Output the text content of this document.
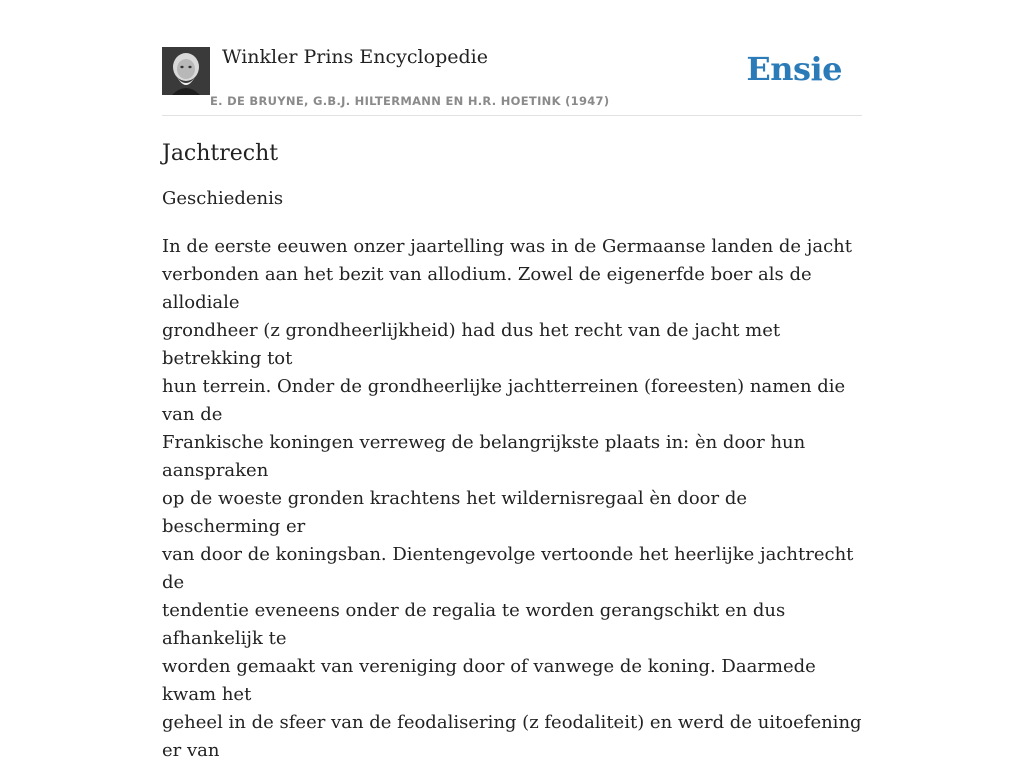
Winkler Prins Encyclopedie
E. DE BRUYNE, G.B.J. HILTERMANN EN H.R. HOETINK (1947)
Ensie
Jachtrecht
Geschiedenis
In de eerste eeuwen onzer jaartelling was in de Germaanse landen de jacht
verbonden aan het bezit van allodium. Zowel de eigenerfde boer als de allodiale
grondheer (z grondheerlijkheid) had dus het recht van de jacht met betrekking tot
hun terrein. Onder de grondheerlijke jachtterreinen (foreesten) namen die van de
Frankische koningen verreweg de belangrijkste plaats in: èn door hun aanspraken
op de woeste gronden krachtens het wildernisregaal èn door de bescherming er
van door de koningsban. Dientengevolge vertoonde het heerlijke jachtrecht de
tendentie eveneens onder de regalia te worden gerangschikt en dus afhankelijk te
worden gemaakt van vereniging door of vanwege de koning. Daarmede kwam het
geheel in de sfeer van de feodalisering (z feodaliteit) en werd de uitoefening er van
